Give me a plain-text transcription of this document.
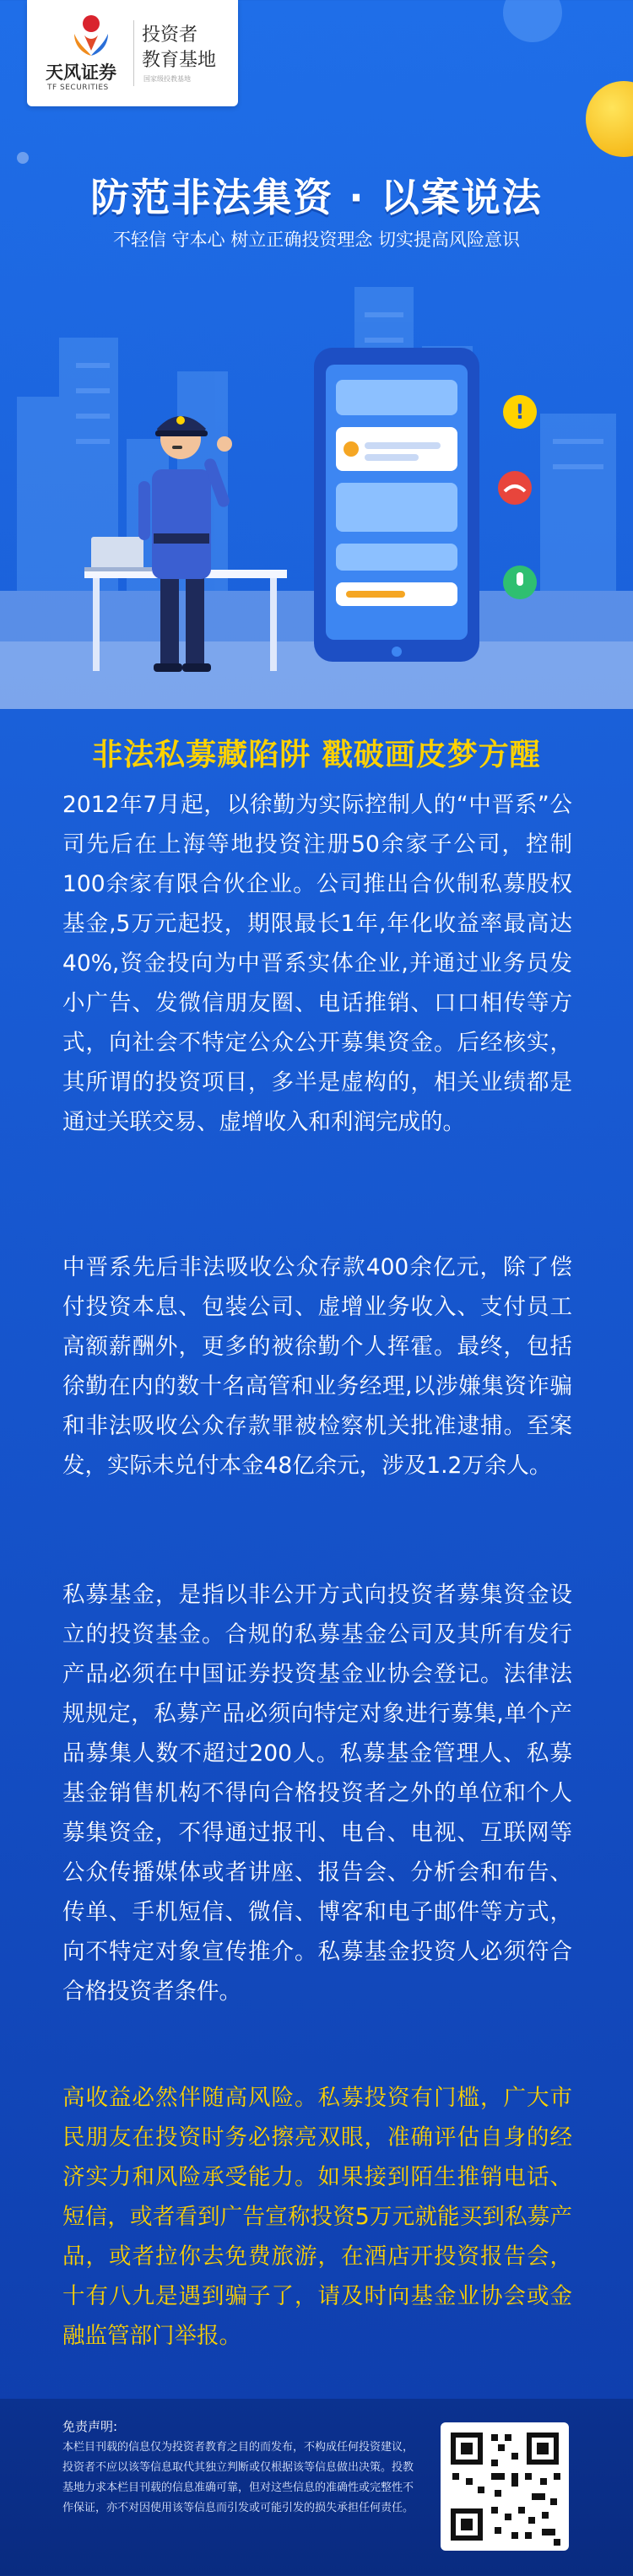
天风证券
TF SECURITIES
投资者
教育基地
国家级投教基地
防范非法集资 · 以案说法
不轻信 守本心 树立正确投资理念 切实提高风险意识
!
非法私募藏陷阱 戳破画皮梦方醒

2012年7月起，以徐勤为实际控制人的“中晋系”公司先后在上海等地投资注册50余家子公司，控制100余家有限合伙企业。公司推出合伙制私募股权基金,5万元起投，期限最长1年,年化收益率最高达40%,资金投向为中晋系实体企业,并通过业务员发小广告、发微信朋友圈、电话推销、口口相传等方式，向社会不特定公众公开募集资金。后经核实，其所谓的投资项目，多半是虚构的，相关业绩都是通过关联交易、虚增收入和利润完成的。

中晋系先后非法吸收公众存款400余亿元，除了偿付投资本息、包装公司、虚增业务收入、支付员工高额薪酬外，更多的被徐勤个人挥霍。最终，包括徐勤在内的数十名高管和业务经理,以涉嫌集资诈骗和非法吸收公众存款罪被检察机关批准逮捕。至案发，实际未兑付本金48亿余元，涉及1.2万余人。

私募基金，是指以非公开方式向投资者募集资金设立的投资基金。合规的私募基金公司及其所有发行产品必须在中国证券投资基金业协会登记。法律法规规定，私募产品必须向特定对象进行募集,单个产品募集人数不超过200人。私募基金管理人、私募基金销售机构不得向合格投资者之外的单位和个人募集资金，不得通过报刊、电台、电视、互联网等公众传播媒体或者讲座、报告会、分析会和布告、传单、手机短信、微信、博客和电子邮件等方式，向不特定对象宣传推介。私募基金投资人必须符合合格投资者条件。

高收益必然伴随高风险。私募投资有门槛，广大市民朋友在投资时务必擦亮双眼，准确评估自身的经济实力和风险承受能力。如果接到陌生推销电话、短信，或者看到广告宣称投资5万元就能买到私募产品，或者拉你去免费旅游，在酒店开投资报告会，十有八九是遇到骗子了，请及时向基金业协会或金融监管部门举报。

免责声明:

本栏目刊载的信息仅为投资者教育之目的而发布，不构成任何投资建议，投资者不应以该等信息取代其独立判断或仅根据该等信息做出决策。投教基地力求本栏目刊载的信息准确可靠，但对这些信息的准确性或完整性不作保证，亦不对因使用该等信息而引发或可能引发的损失承担任何责任。
